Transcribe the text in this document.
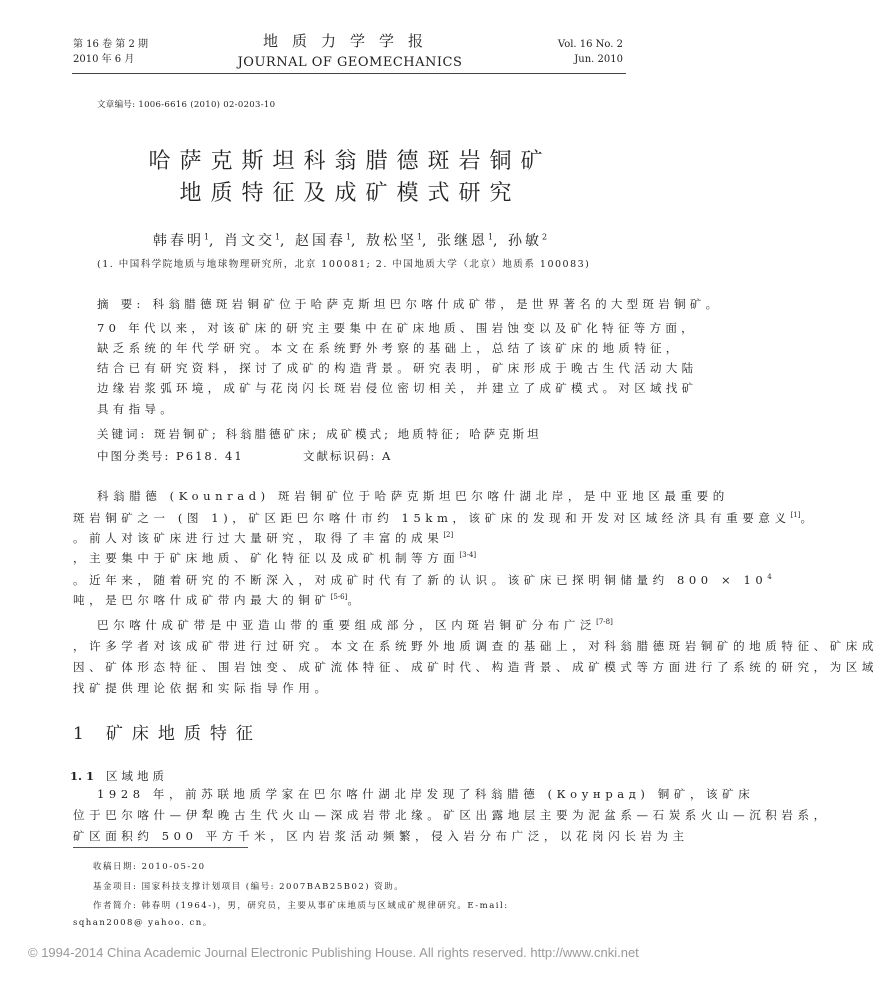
第 16 卷 第 2 期
2010 年 6 月
地质力学学报
JOURNAL OF GEOMECHANICS
Vol. 16 No. 2
Jun. 2010
文章编号: 1006-6616 (2010) 02-0203-10
哈萨克斯坦科翁腊德斑岩铜矿
地质特征及成矿模式研究
韩春明$^1$, 肖文交$^1$, 赵国春$^1$, 敖松坚$^1$, 张继恩$^1$, 孙敏$^2$
(1. 中国科学院地质与地球物理研究所，北京 100081; 2. 中国地质大学（北京）地质系 100083)
摘 要: 科翁腊德斑岩铜矿位于哈萨克斯坦巴尔喀什成矿带，是世界著名的大型斑岩铜矿。
70 年代以来，对该矿床的研究主要集中在矿床地质、围岩蚀变以及矿化特征等方面，
缺乏系统的年代学研究。本文在系统野外考察的基础上，总结了该矿床的地质特征，
结合已有研究资料，探讨了成矿的构造背景。研究表明，矿床形成于晚古生代活动大陆
边缘岩浆弧环境，成矿与花岗闪长斑岩侵位密切相关，并建立了成矿模式。对区域找矿
具有指导。
关键词: 斑岩铜矿; 科翁腊德矿床; 成矿模式; 地质特征; 哈萨克斯坦
中图分类号: P618. 41	文献标识码: A
科翁腊德 (Kounrad) 斑岩铜矿位于哈萨克斯坦巴尔喀什湖北岸，是中亚地区最重要的
斑岩铜矿之一 (图 1)，矿区距巴尔喀什市约 15km，该矿床的发现和开发对区域经济具有重要意义[1]。
。前人对该矿床进行过大量研究，取得了丰富的成果[2]
，主要集中于矿床地质、矿化特征以及成矿机制等方面[3-4]
。近年来，随着研究的不断深入，对成矿时代有了新的认识。该矿床已探明铜储量约 $800 \times 10^4$
吨，是巴尔喀什成矿带内最大的铜矿[5-6]。
巴尔喀什成矿带是中亚造山带的重要组成部分，区内斑岩铜矿分布广泛[7-8]
，许多学者对该成矿带进行过研究。本文在系统野外地质调查的基础上，对科翁腊德斑岩铜矿的地质特征、矿床成
因、矿体形态特征、围岩蚀变、成矿流体特征、成矿时代、构造背景、成矿模式等方面进行了系统的研究，为区域
找矿提供理论依据和实际指导作用。
1 矿床地质特征
1. 1 区域地质
1928 年，前苏联地质学家在巴尔喀什湖北岸发现了科翁腊德 (Коунрад) 铜矿，该矿床
位于巴尔喀什—伊犁晚古生代火山—深成岩带北缘。矿区出露地层主要为泥盆系—石炭系火山—沉积岩系，
矿区面积约 500 平方千米，区内岩浆活动频繁，侵入岩分布广泛，以花岗闪长岩为主
收稿日期: 2010-05-20
基金项目: 国家科技支撑计划项目 (编号: 2007BAB25B02) 资助。
作者简介: 韩春明 (1964-)，男，研究员，主要从事矿床地质与区域成矿规律研究。E-mail:
sqhan2008@ yahoo. cn。
© 1994-2014 China Academic Journal Electronic Publishing House. All rights reserved. http://www.cnki.net
